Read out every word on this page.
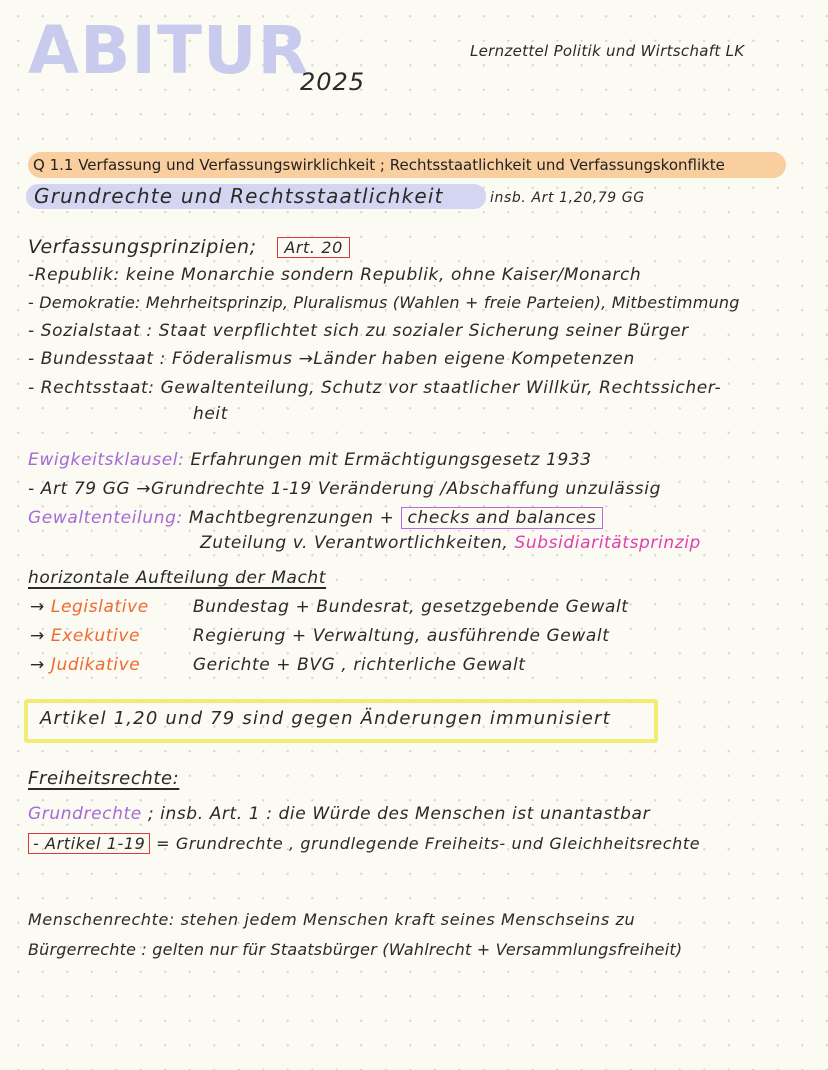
ABITUR
2025
Lernzettel Politik und Wirtschaft LK
Q 1.1 Verfassung und Verfassungswirklichkeit ; Rechtsstaatlichkeit und Verfassungskonflikte
Grundrechte und Rechtsstaatlichkeit	insb. Art 1,20,79 GG
Verfassungsprinzipien; Art. 20
-Republik: keine Monarchie sondern Republik, ohne Kaiser/Monarch
- Demokratie: Mehrheitsprinzip, Pluralismus (Wahlen + freie Parteien), Mitbestimmung
- Sozialstaat : Staat verpflichtet sich zu sozialer Sicherung seiner Bürger
- Bundesstaat : Föderalismus →Länder haben eigene Kompetenzen
- Rechtsstaat: Gewaltenteilung, Schutz vor staatlicher Willkür, Rechtssicher-
heit
Ewigkeitsklausel: Erfahrungen mit Ermächtigungsgesetz 1933
- Art 79 GG →Grundrechte 1-19 Veränderung /Abschaffung unzulässig
Gewaltenteilung: Machtbegrenzungen + checks and balances
Zuteilung v. Verantwortlichkeiten, Subsidiaritätsprinzip
horizontale Aufteilung der Macht
→ Legislative	Bundestag + Bundesrat, gesetzgebende Gewalt
→ Exekutive	Regierung + Verwaltung, ausführende Gewalt
→ Judikative	Gerichte + BVG , richterliche Gewalt
Artikel 1,20 und 79 sind gegen Änderungen immunisiert
Freiheitsrechte:
Grundrechte ; insb. Art. 1 : die Würde des Menschen ist unantastbar
- Artikel 1-19 = Grundrechte , grundlegende Freiheits- und Gleichheitsrechte
Menschenrechte: stehen jedem Menschen kraft seines Menschseins zu
Bürgerrechte : gelten nur für Staatsbürger (Wahlrecht + Versammlungsfreiheit)
